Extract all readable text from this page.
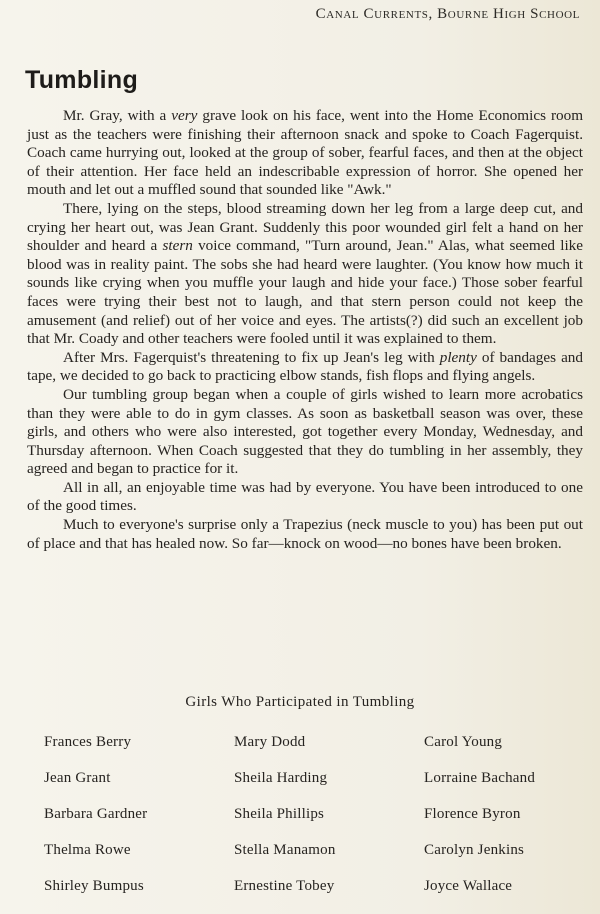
Canal Currents, Bourne High School
Tumbling

Mr. Gray, with a very grave look on his face, went into the Home Economics room just as the teachers were finishing their afternoon snack and spoke to Coach Fagerquist. Coach came hurrying out, looked at the group of sober, fearful faces, and then at the object of their attention. Her face held an indescribable expression of horror. She opened her mouth and let out a muffled sound that sounded like "Awk."

There, lying on the steps, blood streaming down her leg from a large deep cut, and crying her heart out, was Jean Grant. Suddenly this poor wounded girl felt a hand on her shoulder and heard a stern voice command, "Turn around, Jean." Alas, what seemed like blood was in reality paint. The sobs she had heard were laughter. (You know how much it sounds like crying when you muffle your laugh and hide your face.) Those sober fearful faces were trying their best not to laugh, and that stern person could not keep the amusement (and relief) out of her voice and eyes. The artists(?) did such an excellent job that Mr. Coady and other teachers were fooled until it was explained to them.

After Mrs. Fagerquist's threatening to fix up Jean's leg with plenty of bandages and tape, we decided to go back to practicing elbow stands, fish flops and flying angels.

Our tumbling group began when a couple of girls wished to learn more acrobatics than they were able to do in gym classes. As soon as basketball season was over, these girls, and others who were also interested, got together every Monday, Wednesday, and Thursday afternoon. When Coach suggested that they do tumbling in her assembly, they agreed and began to practice for it.

All in all, an enjoyable time was had by everyone. You have been introduced to one of the good times.

Much to everyone's surprise only a Trapezius (neck muscle to you) has been put out of place and that has healed now. So far—knock on wood—no bones have been broken.

Girls Who Participated in Tumbling
Frances Berry	Mary Dodd	Carol Young
Jean Grant	Sheila Harding	Lorraine Bachand
Barbara Gardner	Sheila Phillips	Florence Byron
Thelma Rowe	Stella Manamon	Carolyn Jenkins
Shirley Bumpus	Ernestine Tobey	Joyce Wallace
